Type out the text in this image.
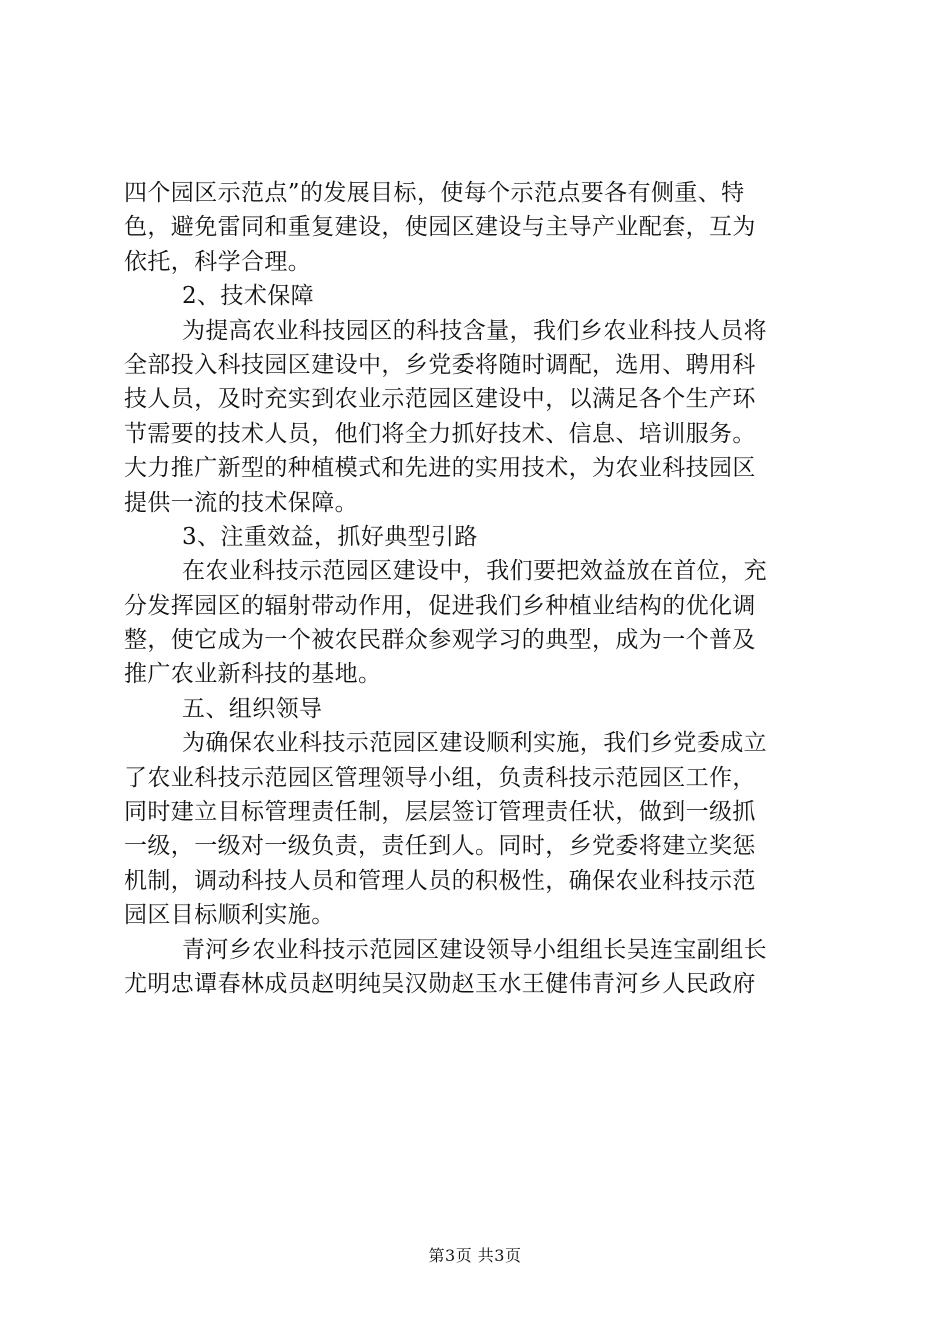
四个园区示范点”的发展目标，使每个示范点要各有侧重、特
色，避免雷同和重复建设，使园区建设与主导产业配套，互为
依托，科学合理。
2、技术保障
为提高农业科技园区的科技含量，我们乡农业科技人员将
全部投入科技园区建设中，乡党委将随时调配，选用、聘用科
技人员，及时充实到农业示范园区建设中，以满足各个生产环
节需要的技术人员，他们将全力抓好技术、信息、培训服务。
大力推广新型的种植模式和先进的实用技术，为农业科技园区
提供一流的技术保障。
3、注重效益，抓好典型引路
在农业科技示范园区建设中，我们要把效益放在首位，充
分发挥园区的辐射带动作用，促进我们乡种植业结构的优化调
整，使它成为一个被农民群众参观学习的典型，成为一个普及
推广农业新科技的基地。
五、组织领导
为确保农业科技示范园区建设顺利实施，我们乡党委成立
了农业科技示范园区管理领导小组，负责科技示范园区工作，
同时建立目标管理责任制，层层签订管理责任状，做到一级抓
一级，一级对一级负责，责任到人。同时，乡党委将建立奖惩
机制，调动科技人员和管理人员的积极性，确保农业科技示范
园区目标顺利实施。
青河乡农业科技示范园区建设领导小组组长吴连宝副组长
尤明忠谭春林成员赵明纯吴汉勋赵玉水王健伟青河乡人民政府
第3页 共3页
